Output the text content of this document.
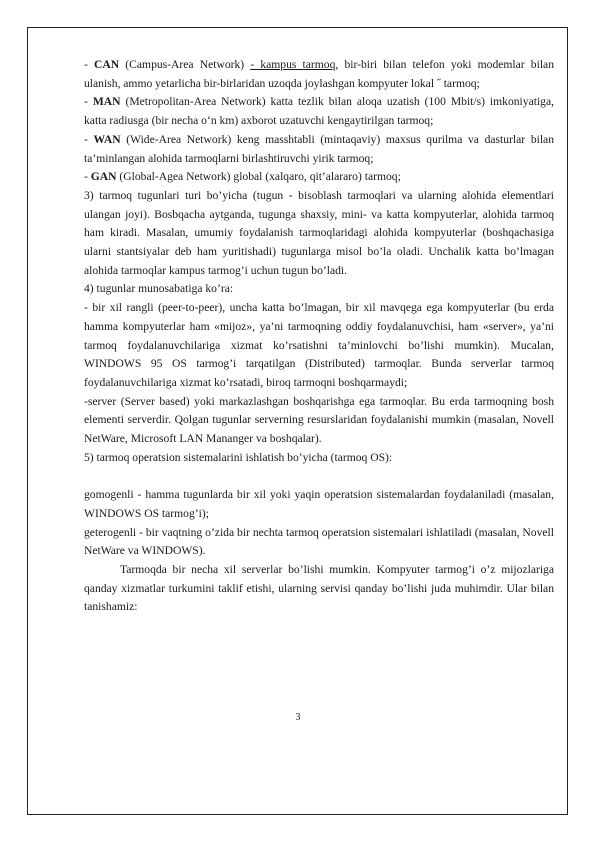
- CAN (Campus-Area Network) - kampus tarmoq, bir-biri bilan telefon yoki modemlar bilan ulanish, ammo yetarlicha bir-birlaridan uzoqda joylashgan kompyuter lokal ˝ tarmoq;

- MAN (Metropolitan-Area Network) katta tezlik bilan aloqa uzatish (100 Mbit/s) imkoniyatiga, katta radiusga (bir necha o‘n km) axborot uzatuvchi kengaytirilgan tarmoq;

- WAN (Wide-Area Network) keng masshtabli (mintaqaviy) maxsus qurilma va dasturlar bilan ta’minlangan alohida tarmoqlarni birlashtiruvchi yirik tarmoq;

- GAN (Global-Agea Network) global (xalqaro, qit’alararo) tarmoq;

3) tarmoq tugunlari turi bo’yicha (tugun - bisoblash tarmoqlari va ularning alohida elementlari ulangan joyi). Bosbqacha aytganda, tugunga shaxsiy, mini- va katta kompyuterlar, alohida tarmoq ham kiradi. Masalan, umumiy foydalanish tarmoqlaridagi alohida kompyuterlar (boshqachasiga ularni stantsiyalar deb ham yuritishadi) tugunlarga misol bo’la oladi. Unchalik katta bo’lmagan alohida tarmoqlar kampus tarmog’i uchun tugun bo’ladi.

4) tugunlar munosabatiga ko’ra:

- bir xil rangli (peer-to-peer), uncha katta bo’lmagan, bir xil mavqega ega kompyuterlar (bu erda hamma kompyuterlar ham «mijoz», ya’ni tarmoqning oddiy foydalanuvchisi, ham «server», ya’ni tarmoq foydalanuvchilariga xizmat ko’rsatishni ta’minlovchi bo’lishi mumkin). Mucalan, WINDOWS 95 OS tarmog’i tarqatilgan (Distributed) tarmoqlar. Bunda serverlar tarmoq foydalanuvchilariga xizmat ko’rsatadi, biroq tarmoqni boshqarmaydi;

-server (Server based) yoki markazlashgan boshqarishga ega tarmoqlar. Bu erda tarmoqning bosh elementi serverdir. Qolgan tugunlar serverning resurslaridan foydalanishi mumkin (masalan, Novell NetWare, Microsoft LAN Mananger va boshqalar).

5) tarmoq operatsion sistemalarini ishlatish bo’yicha (tarmoq OS):

gomogenli - hamma tugunlarda bir xil yoki yaqin operatsion sistemalardan foydalaniladi (masalan, WINDOWS OS tarmog’i);

geterogenli - bir vaqtning o’zida bir nechta tarmoq operatsion sistemalari ishlatiladi (masalan, Novell NetWare va WINDOWS).

Tarmoqda bir necha xil serverlar bo’lishi mumkin. Kompyuter tarmog’i o’z mijozlariga qanday xizmatlar turkumini taklif etishi, ularning servisi qanday bo’lishi juda muhimdir. Ular bilan tanishamiz:

3
